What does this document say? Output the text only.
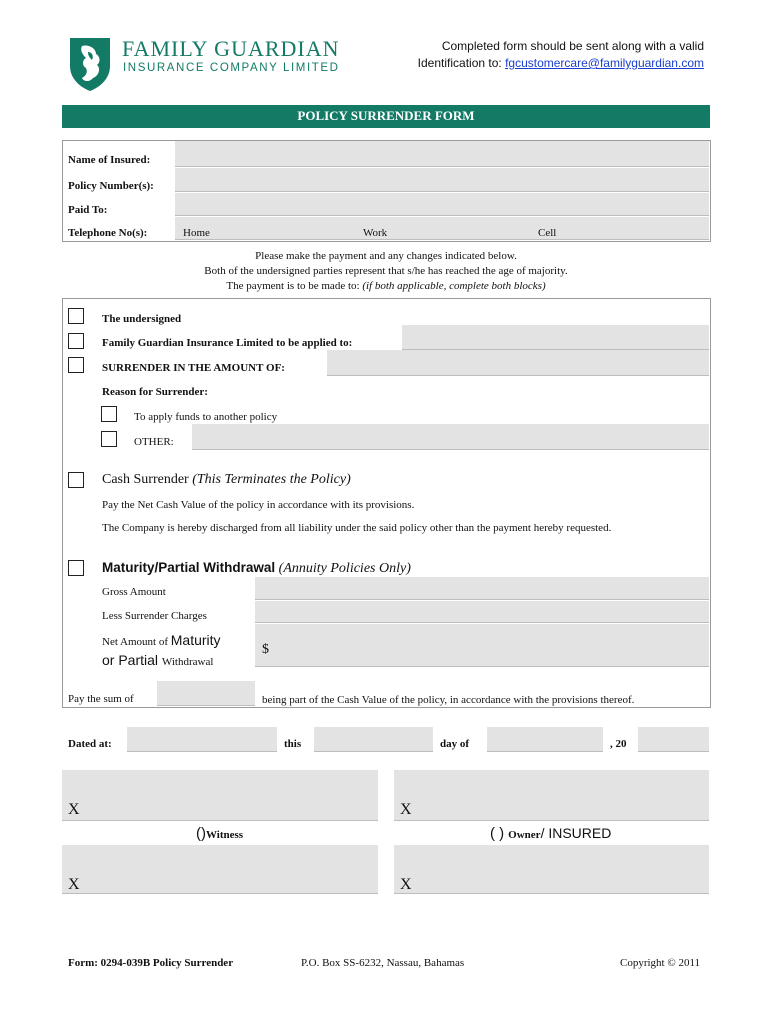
FAMILY GUARDIAN
INSURANCE COMPANY LIMITED
Completed form should be sent along with a valid
Identification to: fgcustomercare@familyguardian.com
POLICY SURRENDER FORM
Name of Insured:
Policy Number(s):
Paid To:
Telephone No(s):	Home	Work	Cell
Please make the payment and any changes indicated below.
Both of the undersigned parties represent that s/he has reached the age of majority.
The payment is to be made to: (if both applicable, complete both blocks)
The undersigned
Family Guardian Insurance Limited to be applied to:
SURRENDER IN THE AMOUNT OF:
Reason for Surrender:
To apply funds to another policy
OTHER:
Cash Surrender (This Terminates the Policy)
Pay the Net Cash Value of the policy in accordance with its provisions.
The Company is hereby discharged from all liability under the said policy other than the payment hereby requested.
Maturity/Partial Withdrawal (Annuity Policies Only)
Gross Amount
Less Surrender Charges
Net Amount of Maturity
or Partial Withdrawal
$
Pay the sum of	being part of the Cash Value of the policy, in accordance with the provisions thereof.
Dated at:	this	day of	, 20
X	X
()Witness	( ) Owner/ INSURED
X	X
Form: 0294-039B Policy Surrender	P.O. Box SS-6232, Nassau, Bahamas	Copyright © 2011
